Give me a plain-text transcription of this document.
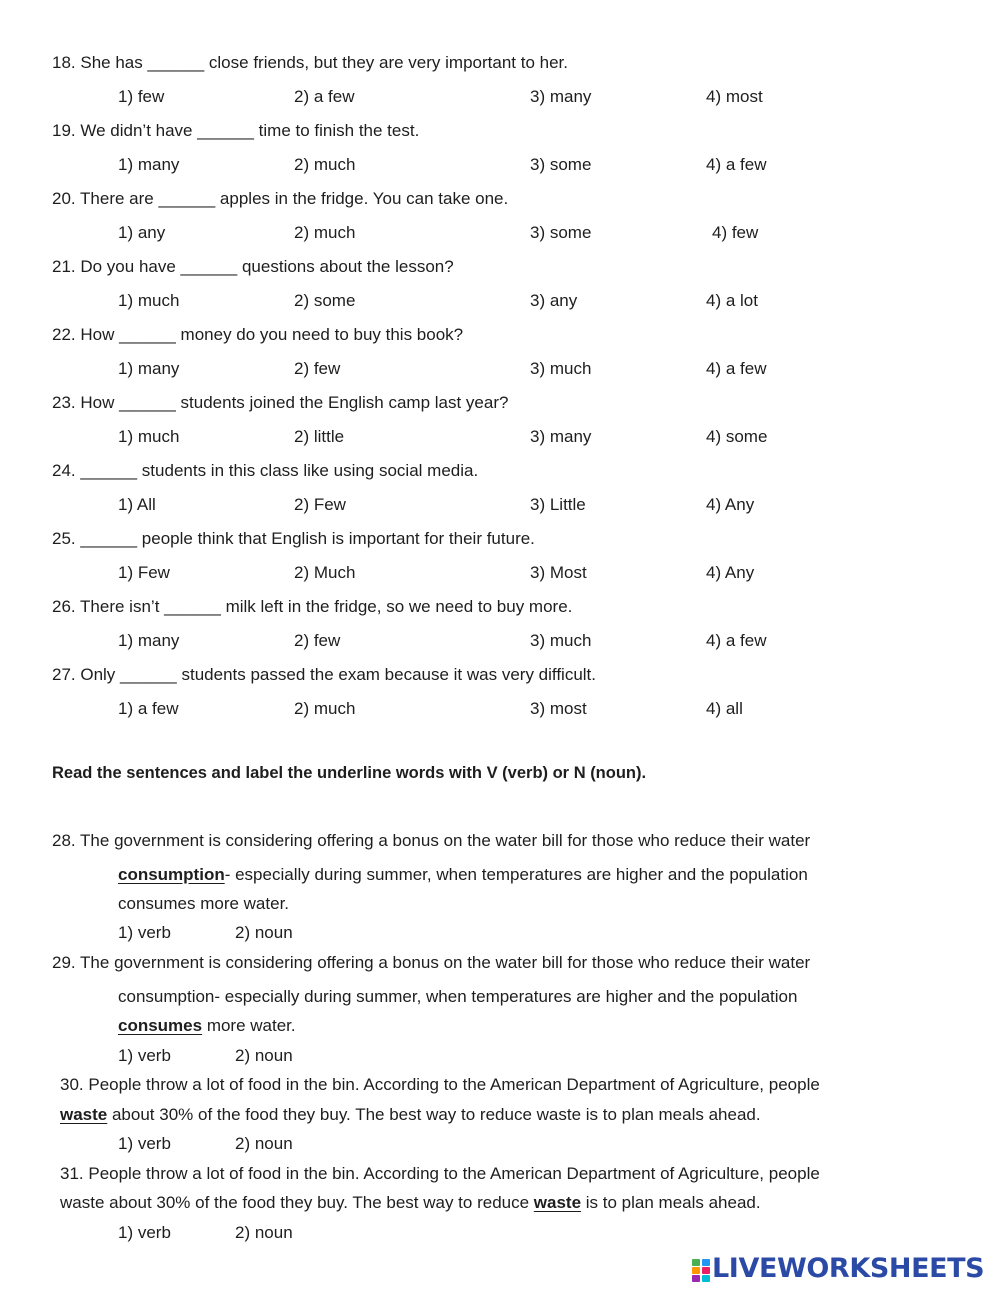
18. She has ______ close friends, but they are very important to her.
1) few	2) a few	3) many	4) most
19. We didn’t have ______ time to finish the test.
1) many	2) much	3) some	4) a few
20. There are ______ apples in the fridge. You can take one.
1) any	2) much	3) some	4) few
21. Do you have ______ questions about the lesson?
1) much	2) some	3) any	4) a lot
22. How ______ money do you need to buy this book?
1) many	2) few	3) much	4) a few
23. How ______ students joined the English camp last year?
1) much	2) little	3) many	4) some
24. ______ students in this class like using social media.
1) All	2) Few	3) Little	4) Any
25. ______ people think that English is important for their future.
1) Few	2) Much	3) Most	4) Any
26. There isn’t ______ milk left in the fridge, so we need to buy more.
1) many	2) few	3) much	4) a few
27. Only ______ students passed the exam because it was very difficult.
1) a few	2) much	3) most	4) all
Read the sentences and label the underline words with V (verb) or N (noun).
28. The government is considering offering a bonus on the water bill for those who reduce their water
consumption- especially during summer, when temperatures are higher and the population
consumes more water.
1) verb	2) noun
29. The government is considering offering a bonus on the water bill for those who reduce their water
consumption- especially during summer, when temperatures are higher and the population
consumes more water.
1) verb	2) noun
30. People throw a lot of food in the bin. According to the American Department of Agriculture, people
waste about 30% of the food they buy. The best way to reduce waste is to plan meals ahead.
1) verb	2) noun
31. People throw a lot of food in the bin. According to the American Department of Agriculture, people
waste about 30% of the food they buy. The best way to reduce waste is to plan meals ahead.
1) verb	2) noun
LIVEWORKSHEETS
